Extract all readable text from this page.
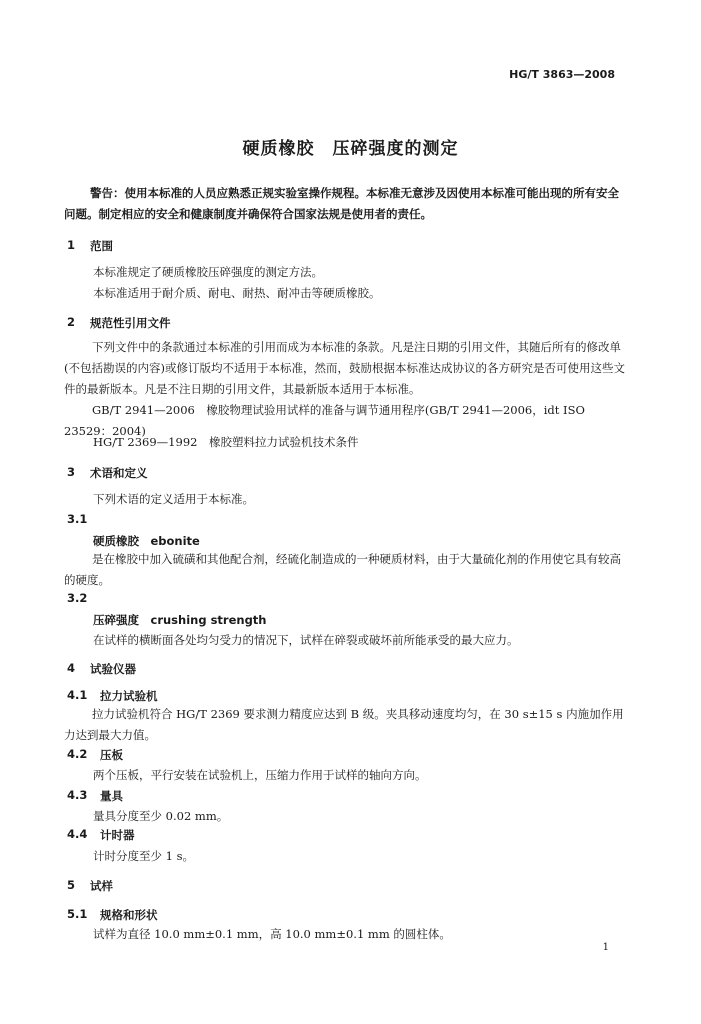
HG/T 3863—2008
硬质橡胶　压碎强度的测定
警告：使用本标准的人员应熟悉正规实验室操作规程。本标准无意涉及因使用本标准可能出现的所有安全问题。制定相应的安全和健康制度并确保符合国家法规是使用者的责任。
1 范围
本标准规定了硬质橡胶压碎强度的测定方法。
本标准适用于耐介质、耐电、耐热、耐冲击等硬质橡胶。
2 规范性引用文件
下列文件中的条款通过本标准的引用而成为本标准的条款。凡是注日期的引用文件，其随后所有的修改单(不包括勘误的内容)或修订版均不适用于本标准，然而，鼓励根据本标准达成协议的各方研究是否可使用这些文件的最新版本。凡是不注日期的引用文件，其最新版本适用于本标准。
GB/T 2941—2006　橡胶物理试验用试样的准备与调节通用程序(GB/T 2941—2006，idt ISO 23529：2004)
HG/T 2369—1992　橡胶塑料拉力试验机技术条件
3 术语和定义
下列术语的定义适用于本标准。
3.1
硬质橡胶　ebonite
是在橡胶中加入硫磺和其他配合剂，经硫化制造成的一种硬质材料，由于大量硫化剂的作用使它具有较高的硬度。
3.2
压碎强度　crushing strength
在试样的横断面各处均匀受力的情况下，试样在碎裂或破坏前所能承受的最大应力。
4 试验仪器
4.1 拉力试验机
拉力试验机符合 HG/T 2369 要求测力精度应达到 B 级。夹具移动速度均匀，在 30 s±15 s 内施加作用力达到最大力值。
4.2 压板
两个压板，平行安装在试验机上，压缩力作用于试样的轴向方向。
4.3 量具
量具分度至少 0.02 mm。
4.4 计时器
计时分度至少 1 s。
5 试样
5.1 规格和形状
试样为直径 10.0 mm±0.1 mm，高 10.0 mm±0.1 mm 的圆柱体。
1
